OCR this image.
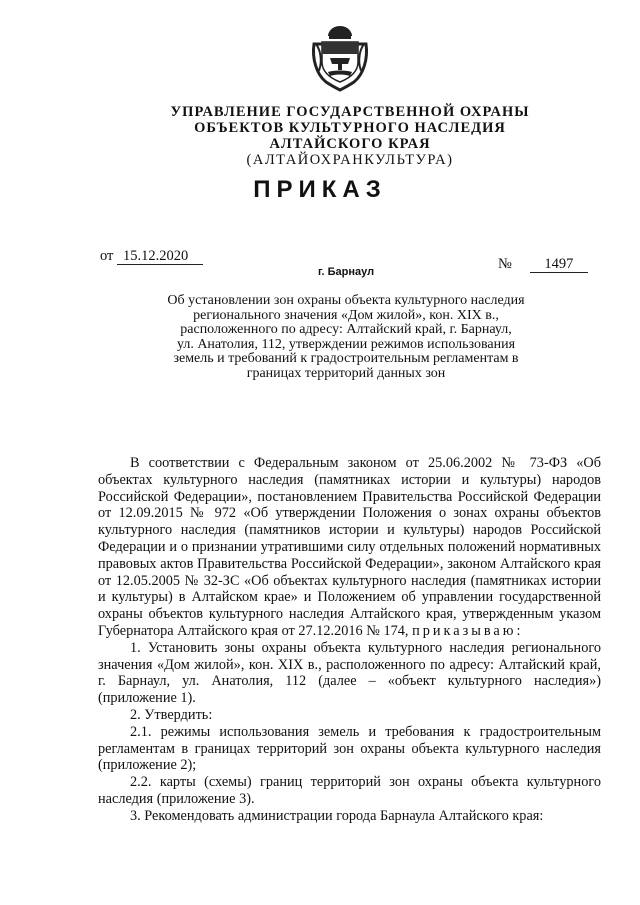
УПРАВЛЕНИЕ ГОСУДАРСТВЕННОЙ ОХРАНЫ
ОБЪЕКТОВ КУЛЬТУРНОГО НАСЛЕДИЯ
АЛТАЙСКОГО КРАЯ
(АЛТАЙОХРАНКУЛЬТУРА)
ПРИКАЗ
от 15.12.2020	№ 1497
г. Барнаул
Об установлении зон охраны объекта культурного наследия
регионального значения «Дом жилой», кон. XIX в.,
расположенного по адресу: Алтайский край, г. Барнаул,
ул. Анатолия, 112, утверждении режимов использования
земель и требований к градостроительным регламентам в
границах территорий данных зон

В соответствии с Федеральным законом от 25.06.2002 № 73-ФЗ «Об объектах культурного наследия (памятниках истории и культуры) народов Российской Федерации», постановлением Правительства Российской Федерации от 12.09.2015 № 972 «Об утверждении Положения о зонах охраны объектов культурного наследия (памятников истории и культуры) народов Российской Федерации и о признании утратившими силу отдельных положений нормативных правовых актов Правительства Российской Федерации», законом Алтайского края от 12.05.2005 № 32-ЗС «Об объектах культурного наследия (памятниках истории и культуры) в Алтайском крае» и Положением об управлении государственной охраны объектов культурного наследия Алтайского края, утвержденным указом Губернатора Алтайского края от 27.12.2016 № 174, приказываю:

1. Установить зоны охраны объекта культурного наследия регионального значения «Дом жилой», кон. XIX в., расположенного по адресу: Алтайский край, г. Барнаул, ул. Анатолия, 112 (далее – «объект культурного наследия») (приложение 1).

2. Утвердить:

2.1. режимы использования земель и требования к градостроительным регламентам в границах территорий зон охраны объекта культурного наследия (приложение 2);

2.2. карты (схемы) границ территорий зон охраны объекта культурного наследия (приложение 3).

3. Рекомендовать администрации города Барнаула Алтайского края:
